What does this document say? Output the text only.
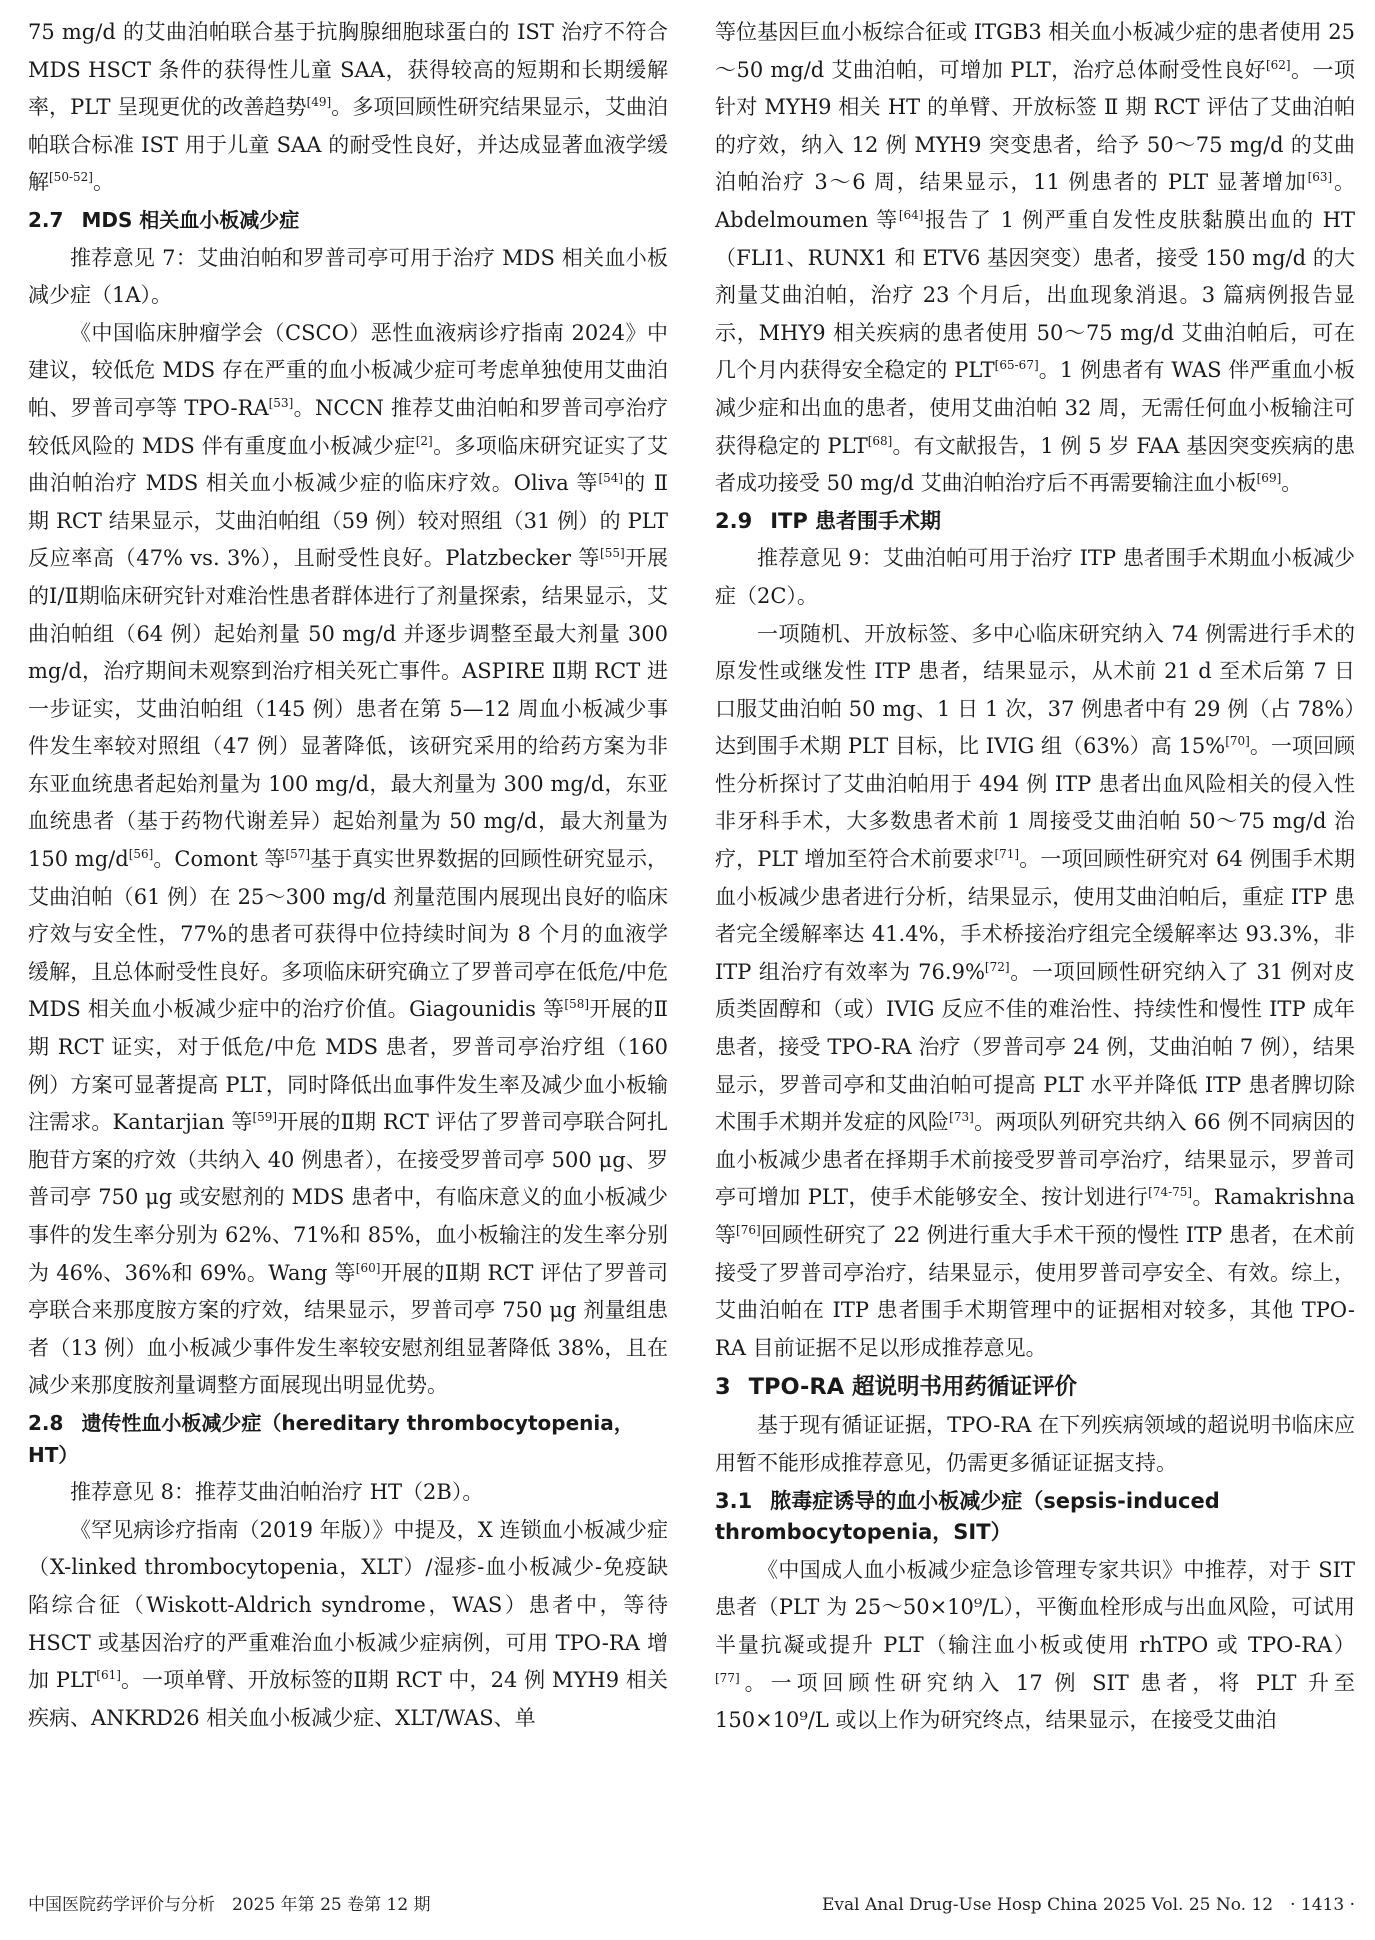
75 mg/d 的艾曲泊帕联合基于抗胸腺细胞球蛋白的 IST 治疗不符合 MDS HSCT 条件的获得性儿童 SAA，获得较高的短期和长期缓解率，PLT 呈现更优的改善趋势[49]。多项回顾性研究结果显示，艾曲泊帕联合标准 IST 用于儿童 SAA 的耐受性良好，并达成显著血液学缓解[50-52]。

2.7 MDS 相关血小板减少症

推荐意见 7：艾曲泊帕和罗普司亭可用于治疗 MDS 相关血小板减少症（1A）。

《中国临床肿瘤学会（CSCO）恶性血液病诊疗指南 2024》中建议，较低危 MDS 存在严重的血小板减少症可考虑单独使用艾曲泊帕、罗普司亭等 TPO-RA[53]。NCCN 推荐艾曲泊帕和罗普司亭治疗较低风险的 MDS 伴有重度血小板减少症[2]。多项临床研究证实了艾曲泊帕治疗 MDS 相关血小板减少症的临床疗效。Oliva 等[54]的 Ⅱ 期 RCT 结果显示，艾曲泊帕组（59 例）较对照组（31 例）的 PLT 反应率高（47% vs. 3%），且耐受性良好。Platzbecker 等[55]开展的Ⅰ/Ⅱ期临床研究针对难治性患者群体进行了剂量探索，结果显示，艾曲泊帕组（64 例）起始剂量 50 mg/d 并逐步调整至最大剂量 300 mg/d，治疗期间未观察到治疗相关死亡事件。ASPIRE Ⅱ期 RCT 进一步证实，艾曲泊帕组（145 例）患者在第 5—12 周血小板减少事件发生率较对照组（47 例）显著降低，该研究采用的给药方案为非东亚血统患者起始剂量为 100 mg/d，最大剂量为 300 mg/d，东亚血统患者（基于药物代谢差异）起始剂量为 50 mg/d，最大剂量为 150 mg/d[56]。Comont 等[57]基于真实世界数据的回顾性研究显示，艾曲泊帕（61 例）在 25～300 mg/d 剂量范围内展现出良好的临床疗效与安全性，77%的患者可获得中位持续时间为 8 个月的血液学缓解，且总体耐受性良好。多项临床研究确立了罗普司亭在低危/中危 MDS 相关血小板减少症中的治疗价值。Giagounidis 等[58]开展的Ⅱ期 RCT 证实，对于低危/中危 MDS 患者，罗普司亭治疗组（160 例）方案可显著提高 PLT，同时降低出血事件发生率及减少血小板输注需求。Kantarjian 等[59]开展的Ⅱ期 RCT 评估了罗普司亭联合阿扎胞苷方案的疗效（共纳入 40 例患者），在接受罗普司亭 500 μg、罗普司亭 750 μg 或安慰剂的 MDS 患者中，有临床意义的血小板减少事件的发生率分别为 62%、71%和 85%，血小板输注的发生率分别为 46%、36%和 69%。Wang 等[60]开展的Ⅱ期 RCT 评估了罗普司亭联合来那度胺方案的疗效，结果显示，罗普司亭 750 μg 剂量组患者（13 例）血小板减少事件发生率较安慰剂组显著降低 38%，且在减少来那度胺剂量调整方面展现出明显优势。

2.8 遗传性血小板减少症（hereditary thrombocytopenia，HT）

推荐意见 8：推荐艾曲泊帕治疗 HT（2B）。

《罕见病诊疗指南（2019 年版）》中提及，X 连锁血小板减少症（X-linked thrombocytopenia，XLT）/湿疹-血小板减少-免疫缺陷综合征（Wiskott-Aldrich syndrome，WAS）患者中，等待 HSCT 或基因治疗的严重难治血小板减少症病例，可用 TPO-RA 增加 PLT[61]。一项单臂、开放标签的Ⅱ期 RCT 中，24 例 MYH9 相关疾病、ANKRD26 相关血小板减少症、XLT/WAS、单

等位基因巨血小板综合征或 ITGB3 相关血小板减少症的患者使用 25～50 mg/d 艾曲泊帕，可增加 PLT，治疗总体耐受性良好[62]。一项针对 MYH9 相关 HT 的单臂、开放标签 Ⅱ 期 RCT 评估了艾曲泊帕的疗效，纳入 12 例 MYH9 突变患者，给予 50～75 mg/d 的艾曲泊帕治疗 3～6 周，结果显示，11 例患者的 PLT 显著增加[63]。Abdelmoumen 等[64]报告了 1 例严重自发性皮肤黏膜出血的 HT（FLI1、RUNX1 和 ETV6 基因突变）患者，接受 150 mg/d 的大剂量艾曲泊帕，治疗 23 个月后，出血现象消退。3 篇病例报告显示，MHY9 相关疾病的患者使用 50～75 mg/d 艾曲泊帕后，可在几个月内获得安全稳定的 PLT[65-67]。1 例患者有 WAS 伴严重血小板减少症和出血的患者，使用艾曲泊帕 32 周，无需任何血小板输注可获得稳定的 PLT[68]。有文献报告，1 例 5 岁 FAA 基因突变疾病的患者成功接受 50 mg/d 艾曲泊帕治疗后不再需要输注血小板[69]。

2.9 ITP 患者围手术期

推荐意见 9：艾曲泊帕可用于治疗 ITP 患者围手术期血小板减少症（2C）。

一项随机、开放标签、多中心临床研究纳入 74 例需进行手术的原发性或继发性 ITP 患者，结果显示，从术前 21 d 至术后第 7 日口服艾曲泊帕 50 mg、1 日 1 次，37 例患者中有 29 例（占 78%）达到围手术期 PLT 目标，比 IVIG 组（63%）高 15%[70]。一项回顾性分析探讨了艾曲泊帕用于 494 例 ITP 患者出血风险相关的侵入性非牙科手术，大多数患者术前 1 周接受艾曲泊帕 50～75 mg/d 治疗，PLT 增加至符合术前要求[71]。一项回顾性研究对 64 例围手术期血小板减少患者进行分析，结果显示，使用艾曲泊帕后，重症 ITP 患者完全缓解率达 41.4%，手术桥接治疗组完全缓解率达 93.3%，非 ITP 组治疗有效率为 76.9%[72]。一项回顾性研究纳入了 31 例对皮质类固醇和（或）IVIG 反应不佳的难治性、持续性和慢性 ITP 成年患者，接受 TPO-RA 治疗（罗普司亭 24 例，艾曲泊帕 7 例），结果显示，罗普司亭和艾曲泊帕可提高 PLT 水平并降低 ITP 患者脾切除术围手术期并发症的风险[73]。两项队列研究共纳入 66 例不同病因的血小板减少患者在择期手术前接受罗普司亭治疗，结果显示，罗普司亭可增加 PLT，使手术能够安全、按计划进行[74-75]。Ramakrishna 等[76]回顾性研究了 22 例进行重大手术干预的慢性 ITP 患者，在术前接受了罗普司亭治疗，结果显示，使用罗普司亭安全、有效。综上，艾曲泊帕在 ITP 患者围手术期管理中的证据相对较多，其他 TPO-RA 目前证据不足以形成推荐意见。

3 TPO-RA 超说明书用药循证评价

基于现有循证证据，TPO-RA 在下列疾病领域的超说明书临床应用暂不能形成推荐意见，仍需更多循证证据支持。

3.1 脓毒症诱导的血小板减少症（sepsis-induced thrombocytopenia，SIT）

《中国成人血小板减少症急诊管理专家共识》中推荐，对于 SIT 患者（PLT 为 25～50×10⁹/L），平衡血栓形成与出血风险，可试用半量抗凝或提升 PLT（输注血小板或使用 rhTPO 或 TPO-RA）[77]。一项回顾性研究纳入 17 例 SIT 患者，将 PLT 升至 150×10⁹/L 或以上作为研究终点，结果显示，在接受艾曲泊

中国医院药学评价与分析　2025 年第 25 卷第 12 期	Eval Anal Drug-Use Hosp China 2025 Vol. 25 No. 12　· 1413 ·
